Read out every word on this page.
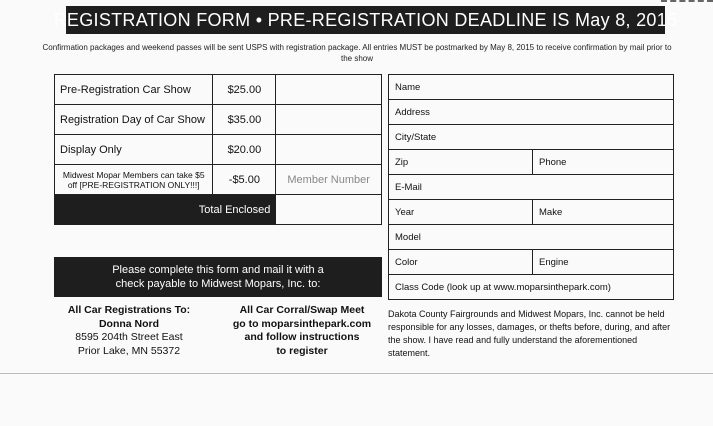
REGISTRATION FORM • PRE-REGISTRATION DEADLINE IS May 8, 2015
Confirmation packages and weekend passes will be sent USPS with registration package. All entries MUST be postmarked by May 8, 2015 to receive confirmation by mail prior to the show
Pre-Registration Car Show	$25.00	
Registration Day of Car Show	$35.00	
Display Only	$20.00	
Midwest Mopar Members can take $5 off [PRE-REGISTRATION ONLY!!!]	-$5.00	Member Number
Total Enclosed		
Name	
Address	
City/State	
Zip	Phone
E-Mail	
Year	Make
Model	
Color	Engine
Class Code (look up at www.moparsinthepark.com)	
Please complete this form and mail it with a
check payable to Midwest Mopars, Inc. to:
All Car Registrations To:
Donna Nord
8595 204th Street East
Prior Lake, MN 55372
All Car Corral/Swap Meet
go to moparsinthepark.com
and follow instructions
to register
Dakota County Fairgrounds and Midwest Mopars, Inc. cannot be held responsible for any losses, damages, or thefts before, during, and after the show. I have read and fully understand the aforementioned statement.
